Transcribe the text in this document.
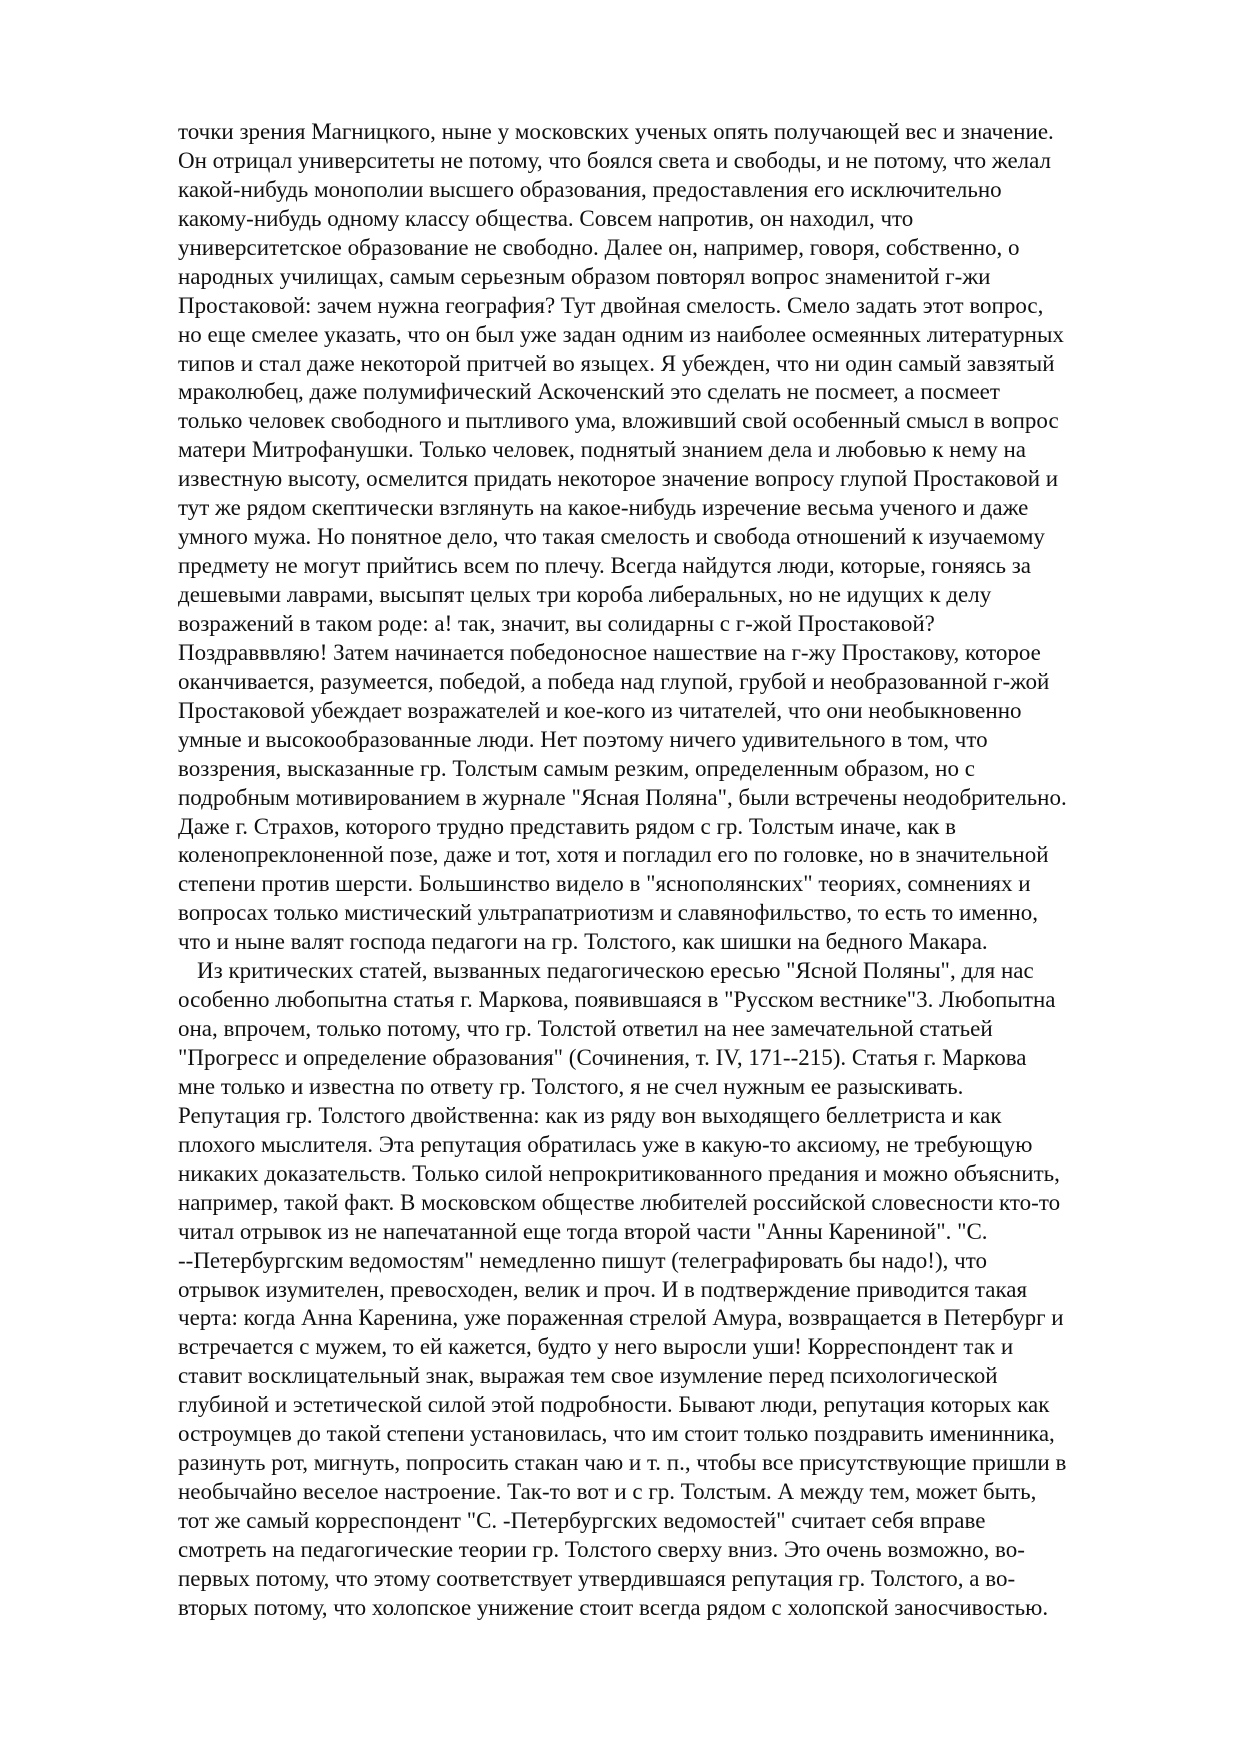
точки зрения Магницкого, ныне у московских ученых опять получающей вес и значение.
Он отрицал университеты не потому, что боялся света и свободы, и не потому, что желал
какой-нибудь монополии высшего образования, предоставления его исключительно
какому-нибудь одному классу общества. Совсем напротив, он находил, что
университетское образование не свободно. Далее он, например, говоря, собственно, о
народных училищах, самым серьезным образом повторял вопрос знаменитой г-жи
Простаковой: зачем нужна география? Тут двойная смелость. Смело задать этот вопрос,
но еще смелее указать, что он был уже задан одним из наиболее осмеянных литературных
типов и стал даже некоторой притчей во языцех. Я убежден, что ни один самый завзятый
мраколюбец, даже полумифический Аскоченский это сделать не посмеет, а посмеет
только человек свободного и пытливого ума, вложивший свой особенный смысл в вопрос
матери Митрофанушки. Только человек, поднятый знанием дела и любовью к нему на
известную высоту, осмелится придать некоторое значение вопросу глупой Простаковой и
тут же рядом скептически взглянуть на какое-нибудь изречение весьма ученого и даже
умного мужа. Но понятное дело, что такая смелость и свобода отношений к изучаемому
предмету не могут прийтись всем по плечу. Всегда найдутся люди, которые, гоняясь за
дешевыми лаврами, высыпят целых три короба либеральных, но не идущих к делу
возражений в таком роде: а! так, значит, вы солидарны с г-жой Простаковой?
Поздравввляю! Затем начинается победоносное нашествие на г-жу Простакову, которое
оканчивается, разумеется, победой, а победа над глупой, грубой и необразованной г-жой
Простаковой убеждает возражателей и кое-кого из читателей, что они необыкновенно
умные и высокообразованные люди. Нет поэтому ничего удивительного в том, что
воззрения, высказанные гр. Толстым самым резким, определенным образом, но с
подробным мотивированием в журнале "Ясная Поляна", были встречены неодобрительно.
Даже г. Страхов, которого трудно представить рядом с гр. Толстым иначе, как в
коленопреклоненной позе, даже и тот, хотя и погладил его по головке, но в значительной
степени против шерсти. Большинство видело в "яснополянских" теориях, сомнениях и
вопросах только мистический ультрапатриотизм и славянофильство, то есть то именно,
что и ныне валят господа педагоги на гр. Толстого, как шишки на бедного Макара.
Из критических статей, вызванных педагогическою ересью "Ясной Поляны", для нас
особенно любопытна статья г. Маркова, появившаяся в "Русском вестнике"3. Любопытна
она, впрочем, только потому, что гр. Толстой ответил на нее замечательной статьей
"Прогресс и определение образования" (Сочинения, т. IV, 171--215). Статья г. Маркова
мне только и известна по ответу гр. Толстого, я не счел нужным ее разыскивать.
Репутация гр. Толстого двойственна: как из ряду вон выходящего беллетриста и как
плохого мыслителя. Эта репутация обратилась уже в какую-то аксиому, не требующую
никаких доказательств. Только силой непрокритикованного предания и можно объяснить,
например, такой факт. В московском обществе любителей российской словесности кто-то
читал отрывок из не напечатанной еще тогда второй части "Анны Карениной". "С.
--Петербургским ведомостям" немедленно пишут (телеграфировать бы надо!), что
отрывок изумителен, превосходен, велик и проч. И в подтверждение приводится такая
черта: когда Анна Каренина, уже пораженная стрелой Амура, возвращается в Петербург и
встречается с мужем, то ей кажется, будто у него выросли уши! Корреспондент так и
ставит восклицательный знак, выражая тем свое изумление перед психологической
глубиной и эстетической силой этой подробности. Бывают люди, репутация которых как
остроумцев до такой степени установилась, что им стоит только поздравить именинника,
разинуть рот, мигнуть, попросить стакан чаю и т. п., чтобы все присутствующие пришли в
необычайно веселое настроение. Так-то вот и с гр. Толстым. А между тем, может быть,
тот же самый корреспондент "С. -Петербургских ведомостей" считает себя вправе
смотреть на педагогические теории гр. Толстого сверху вниз. Это очень возможно, во-
первых потому, что этому соответствует утвердившаяся репутация гр. Толстого, а во-
вторых потому, что холопское унижение стоит всегда рядом с холопской заносчивостью.
